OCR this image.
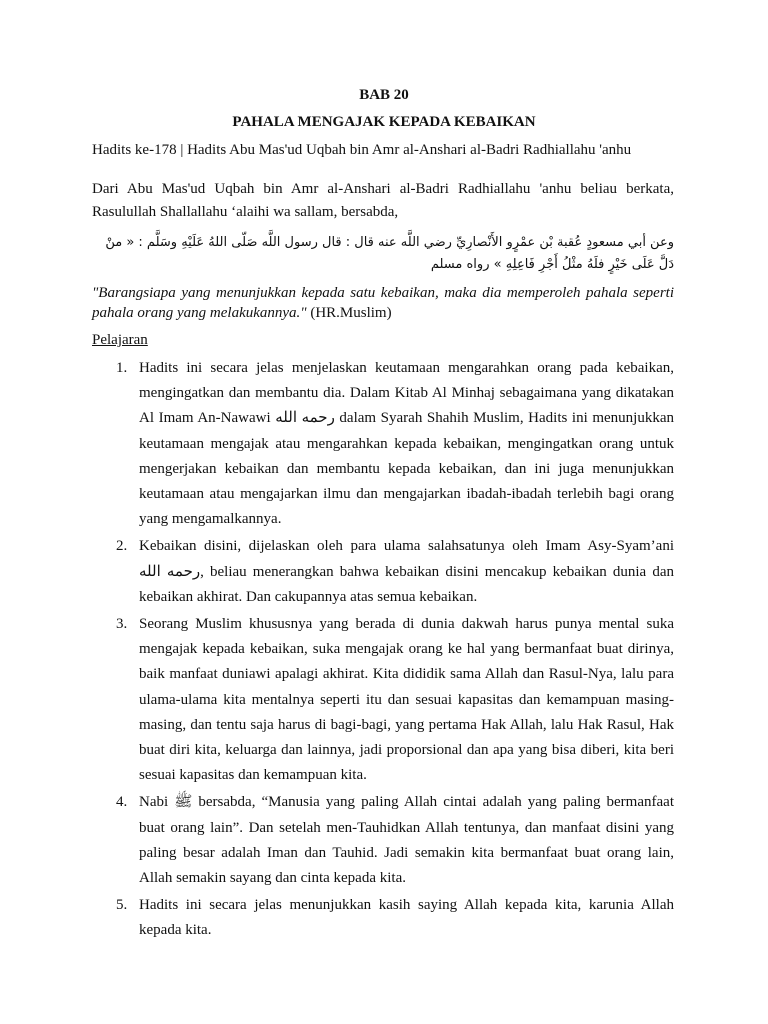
BAB 20
PAHALA MENGAJAK KEPADA KEBAIKAN
Hadits ke-178 | Hadits Abu Mas'ud Uqbah bin Amr al-Anshari al-Badri Radhiallahu 'anhu
Dari Abu Mas'ud Uqbah bin Amr al-Anshari al-Badri Radhiallahu 'anhu beliau berkata, Rasulullah Shallallahu ‘alaihi wa sallam, bersabda,
وعن أبي مسعودٍ عُقبة بْن عمْرٍو الأَنْصارِيِّ رضي اللَّه عنه قال : قال رسول اللَّه صَلّى اللهُ عَلَيْهِ وسَلَّم : « منْ دَلَّ عَلَى خَيْرٍ فلَهُ مثْلُ أَجْرِ فَاعِلِهِ » رواه مسلم
"Barangsiapa yang menunjukkan kepada satu kebaikan, maka dia memperoleh pahala seperti pahala orang yang melakukannya." (HR.Muslim)
Pelajaran
1. Hadits ini secara jelas menjelaskan keutamaan mengarahkan orang pada kebaikan, mengingatkan dan membantu dia. Dalam Kitab Al Minhaj sebagaimana yang dikatakan Al Imam An-Nawawi رحمه الله dalam Syarah Shahih Muslim, Hadits ini menunjukkan keutamaan mengajak atau mengarahkan kepada kebaikan, mengingatkan orang untuk mengerjakan kebaikan dan membantu kepada kebaikan, dan ini juga menunjukkan keutamaan atau mengajarkan ilmu dan mengajarkan ibadah-ibadah terlebih bagi orang yang mengamalkannya.
2. Kebaikan disini, dijelaskan oleh para ulama salahsatunya oleh Imam Asy-Syam’ani رحمه الله, beliau menerangkan bahwa kebaikan disini mencakup kebaikan dunia dan kebaikan akhirat. Dan cakupannya atas semua kebaikan.
3. Seorang Muslim khususnya yang berada di dunia dakwah harus punya mental suka mengajak kepada kebaikan, suka mengajak orang ke hal yang bermanfaat buat dirinya, baik manfaat duniawi apalagi akhirat. Kita dididik sama Allah dan Rasul-Nya, lalu para ulama-ulama kita mentalnya seperti itu dan sesuai kapasitas dan kemampuan masing-masing, dan tentu saja harus di bagi-bagi, yang pertama Hak Allah, lalu Hak Rasul, Hak buat diri kita, keluarga dan lainnya, jadi proporsional dan apa yang bisa diberi, kita beri sesuai kapasitas dan kemampuan kita.
4. Nabi ﷺ bersabda, “Manusia yang paling Allah cintai adalah yang paling bermanfaat buat orang lain”. Dan setelah men-Tauhidkan Allah tentunya, dan manfaat disini yang paling besar adalah Iman dan Tauhid. Jadi semakin kita bermanfaat buat orang lain, Allah semakin sayang dan cinta kepada kita.
5. Hadits ini secara jelas menunjukkan kasih saying Allah kepada kita, karunia Allah kepada kita.
